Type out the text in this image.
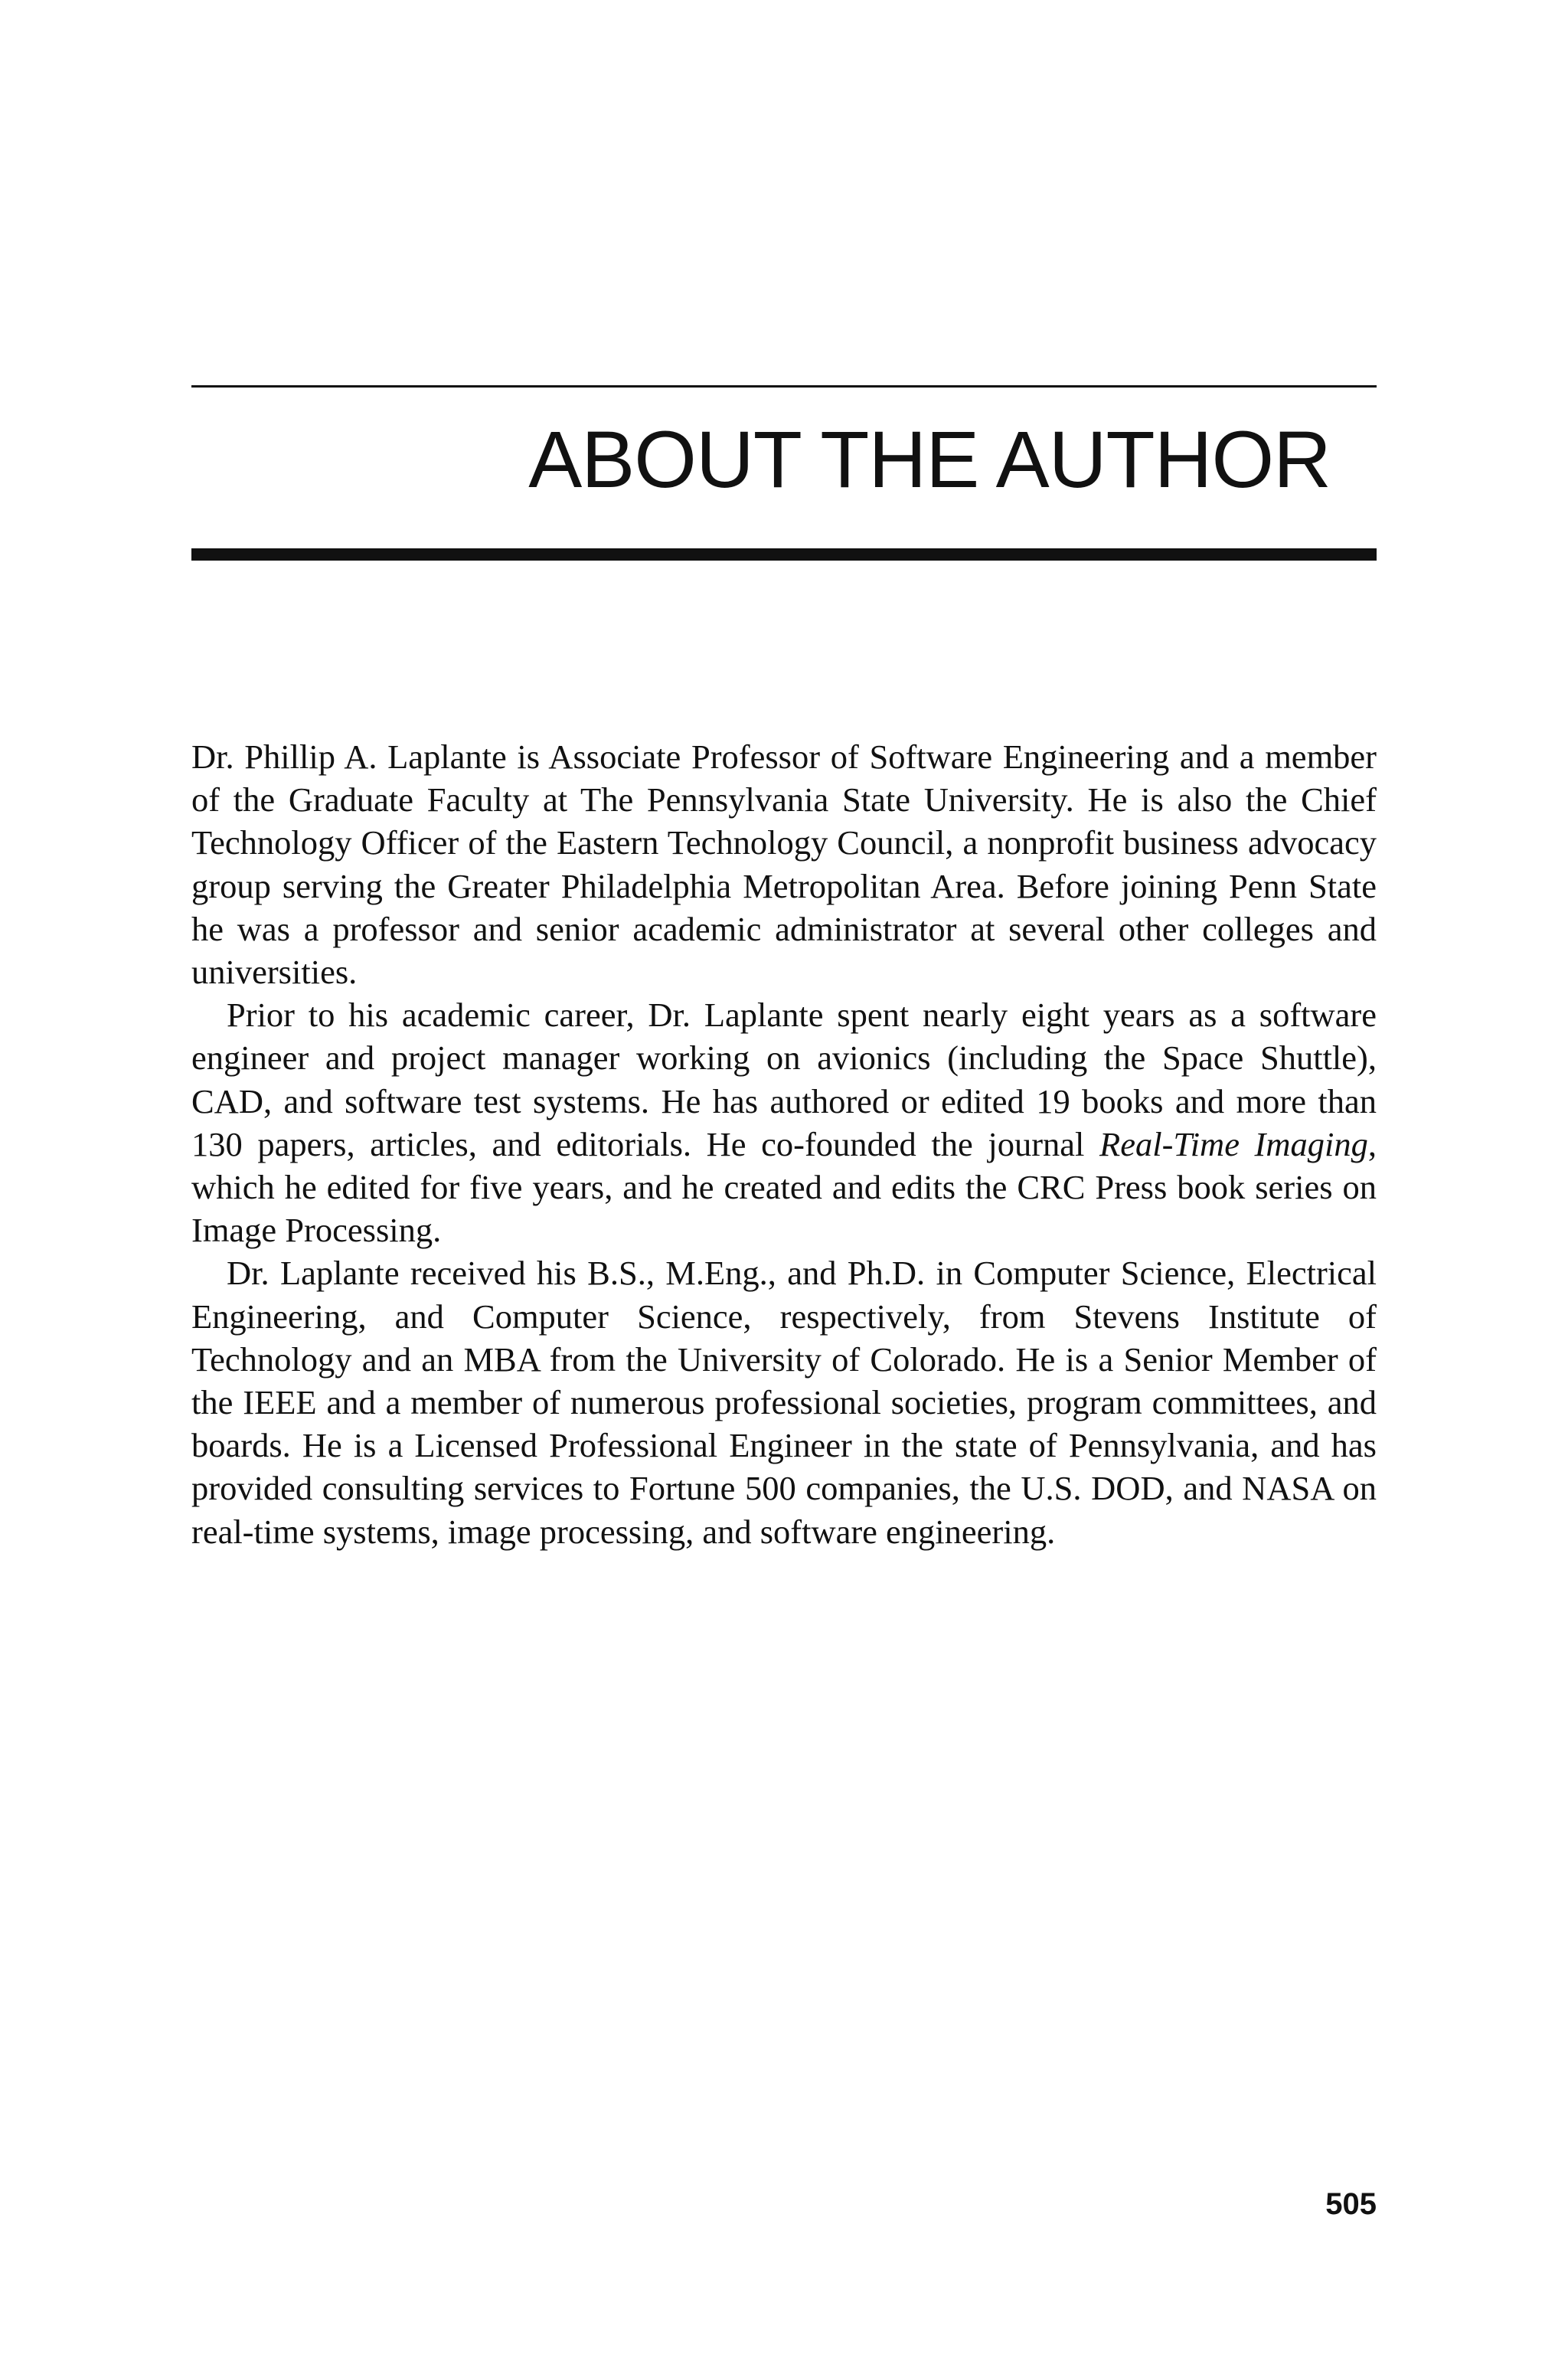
ABOUT THE AUTHOR

Dr. Phillip A. Laplante is Associate Professor of Software Engineering and a member of the Graduate Faculty at The Pennsylvania State University. He is also the Chief Technology Officer of the Eastern Technology Council, a nonprofit business advocacy group serving the Greater Philadelphia Metropolitan Area. Before joining Penn State he was a professor and senior academic administrator at several other colleges and universities.

Prior to his academic career, Dr. Laplante spent nearly eight years as a software engineer and project manager working on avionics (including the Space Shuttle), CAD, and software test systems. He has authored or edited 19 books and more than 130 papers, articles, and editorials. He co-founded the journal Real-Time Imaging, which he edited for five years, and he created and edits the CRC Press book series on Image Processing.

Dr. Laplante received his B.S., M.Eng., and Ph.D. in Computer Science, Electrical Engineering, and Computer Science, respectively, from Stevens Institute of Technology and an MBA from the University of Colorado. He is a Senior Member of the IEEE and a member of numerous professional societies, program committees, and boards. He is a Licensed Professional Engineer in the state of Pennsylvania, and has provided consulting services to Fortune 500 companies, the U.S. DOD, and NASA on real-time systems, image processing, and software engineering.

505
